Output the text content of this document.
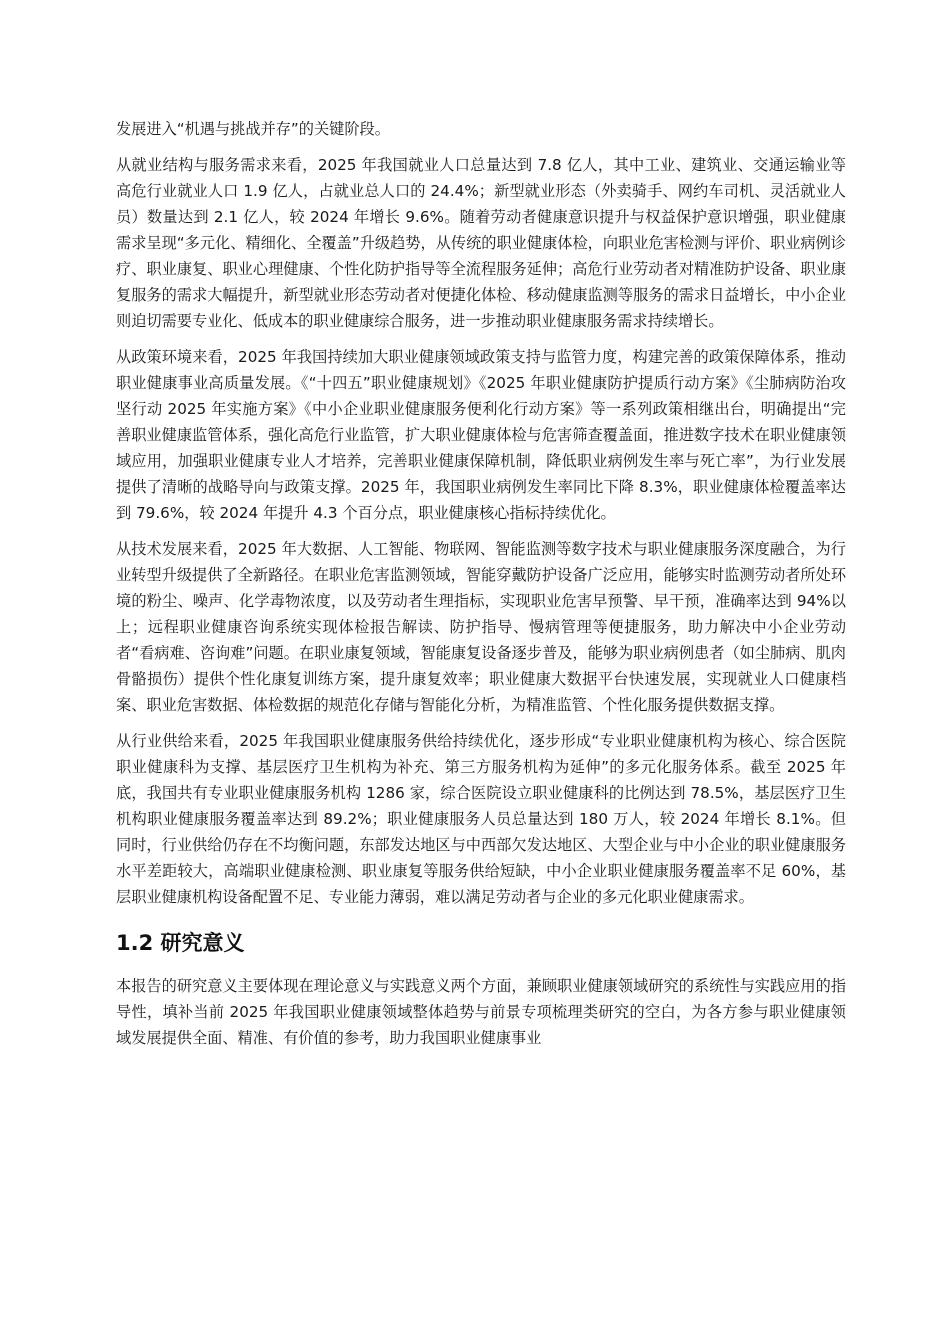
发展进入“机遇与挑战并存”的关键阶段。

从就业结构与服务需求来看，2025 年我国就业人口总量达到 7.8 亿人，其中工业、建筑业、交通运输业等高危行业就业人口 1.9 亿人，占就业总人口的 24.4%；新型就业形态（外卖骑手、网约车司机、灵活就业人员）数量达到 2.1 亿人，较 2024 年增长 9.6%。随着劳动者健康意识提升与权益保护意识增强，职业健康需求呈现“多元化、精细化、全覆盖”升级趋势，从传统的职业健康体检，向职业危害检测与评价、职业病例诊疗、职业康复、职业心理健康、个性化防护指导等全流程服务延伸；高危行业劳动者对精准防护设备、职业康复服务的需求大幅提升，新型就业形态劳动者对便捷化体检、移动健康监测等服务的需求日益增长，中小企业则迫切需要专业化、低成本的职业健康综合服务，进一步推动职业健康服务需求持续增长。

从政策环境来看，2025 年我国持续加大职业健康领域政策支持与监管力度，构建完善的政策保障体系，推动职业健康事业高质量发展。《“十四五”职业健康规划》《2025 年职业健康防护提质行动方案》《尘肺病防治攻坚行动 2025 年实施方案》《中小企业职业健康服务便利化行动方案》等一系列政策相继出台，明确提出“完善职业健康监管体系，强化高危行业监管，扩大职业健康体检与危害筛查覆盖面，推进数字技术在职业健康领域应用，加强职业健康专业人才培养，完善职业健康保障机制，降低职业病例发生率与死亡率”，为行业发展提供了清晰的战略导向与政策支撑。2025 年，我国职业病例发生率同比下降 8.3%，职业健康体检覆盖率达到 79.6%，较 2024 年提升 4.3 个百分点，职业健康核心指标持续优化。

从技术发展来看，2025 年大数据、人工智能、物联网、智能监测等数字技术与职业健康服务深度融合，为行业转型升级提供了全新路径。在职业危害监测领域，智能穿戴防护设备广泛应用，能够实时监测劳动者所处环境的粉尘、噪声、化学毒物浓度，以及劳动者生理指标，实现职业危害早预警、早干预，准确率达到 94%以上；远程职业健康咨询系统实现体检报告解读、防护指导、慢病管理等便捷服务，助力解决中小企业劳动者“看病难、咨询难”问题。在职业康复领域，智能康复设备逐步普及，能够为职业病例患者（如尘肺病、肌肉骨骼损伤）提供个性化康复训练方案，提升康复效率；职业健康大数据平台快速发展，实现就业人口健康档案、职业危害数据、体检数据的规范化存储与智能化分析，为精准监管、个性化服务提供数据支撑。

从行业供给来看，2025 年我国职业健康服务供给持续优化，逐步形成“专业职业健康机构为核心、综合医院职业健康科为支撑、基层医疗卫生机构为补充、第三方服务机构为延伸”的多元化服务体系。截至 2025 年底，我国共有专业职业健康服务机构 1286 家，综合医院设立职业健康科的比例达到 78.5%，基层医疗卫生机构职业健康服务覆盖率达到 89.2%；职业健康服务人员总量达到 180 万人，较 2024 年增长 8.1%。但同时，行业供给仍存在不均衡问题，东部发达地区与中西部欠发达地区、大型企业与中小企业的职业健康服务水平差距较大，高端职业健康检测、职业康复等服务供给短缺，中小企业职业健康服务覆盖率不足 60%，基层职业健康机构设备配置不足、专业能力薄弱，难以满足劳动者与企业的多元化职业健康需求。

1.2 研究意义

本报告的研究意义主要体现在理论意义与实践意义两个方面，兼顾职业健康领域研究的系统性与实践应用的指导性，填补当前 2025 年我国职业健康领域整体趋势与前景专项梳理类研究的空白，为各方参与职业健康领域发展提供全面、精准、有价值的参考，助力我国职业健康事业
